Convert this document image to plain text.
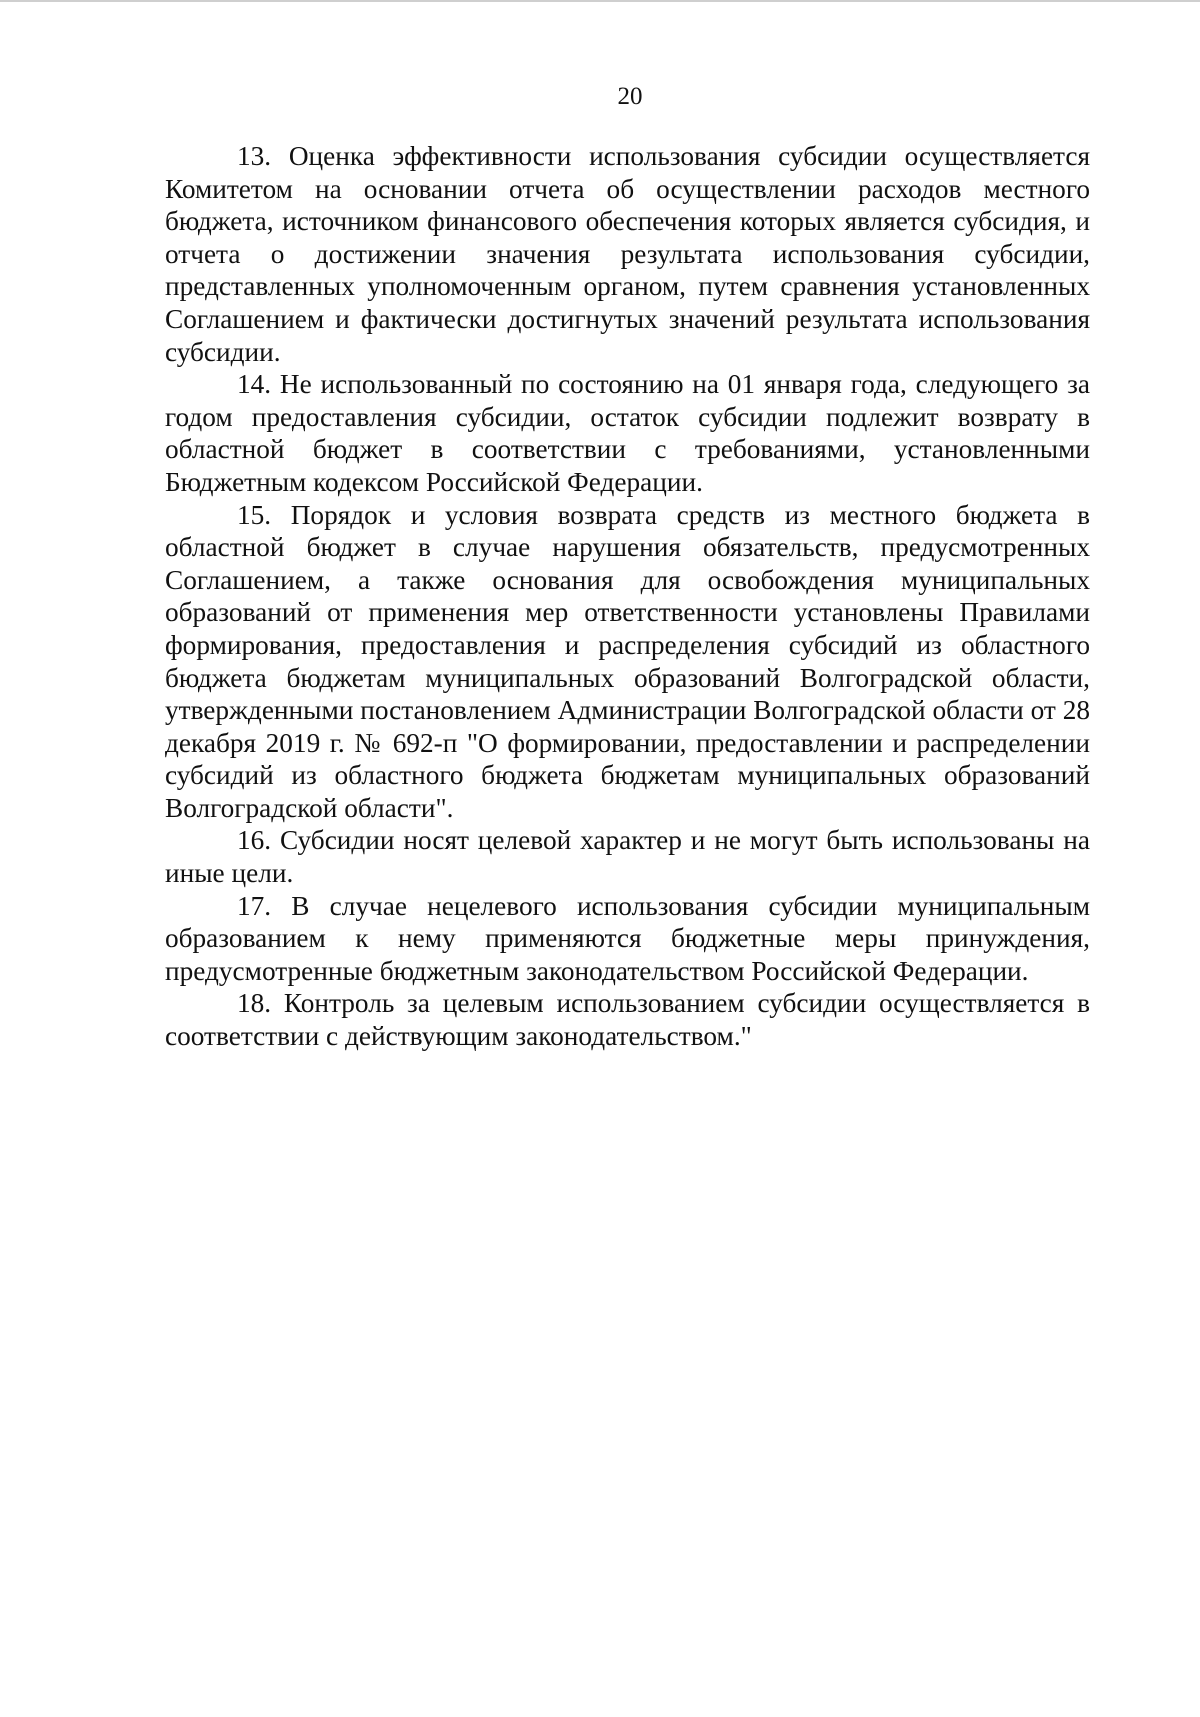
20

13. Оценка эффективности использования субсидии осуществляется Комитетом на основании отчета об осуществлении расходов местного бюджета, источником финансового обеспечения которых является субсидия, и отчета о достижении значения результата использования субсидии, представленных уполномоченным органом, путем сравнения установленных Соглашением и фактически достигнутых значений результата использования субсидии.

14. Не использованный по состоянию на 01 января года, следующего за годом предоставления субсидии, остаток субсидии подлежит возврату в областной бюджет в соответствии с требованиями, установленными Бюджетным кодексом Российской Федерации.

15. Порядок и условия возврата средств из местного бюджета в областной бюджет в случае нарушения обязательств, предусмотренных Соглашением, а также основания для освобождения муниципальных образований от применения мер ответственности установлены Правилами формирования, предоставления и распределения субсидий из областного бюджета бюджетам муниципальных образований Волгоградской области, утвержденными постановлением Администрации Волгоградской области от 28 декабря 2019 г. № 692-п "О формировании, предоставлении и распределении субсидий из областного бюджета бюджетам муниципальных образований Волгоградской области".

16. Субсидии носят целевой характер и не могут быть использованы на иные цели.

17. В случае нецелевого использования субсидии муниципальным образованием к нему применяются бюджетные меры принуждения, предусмотренные бюджетным законодательством Российской Федерации.

18. Контроль за целевым использованием субсидии осуществляется в соответствии с действующим законодательством."
